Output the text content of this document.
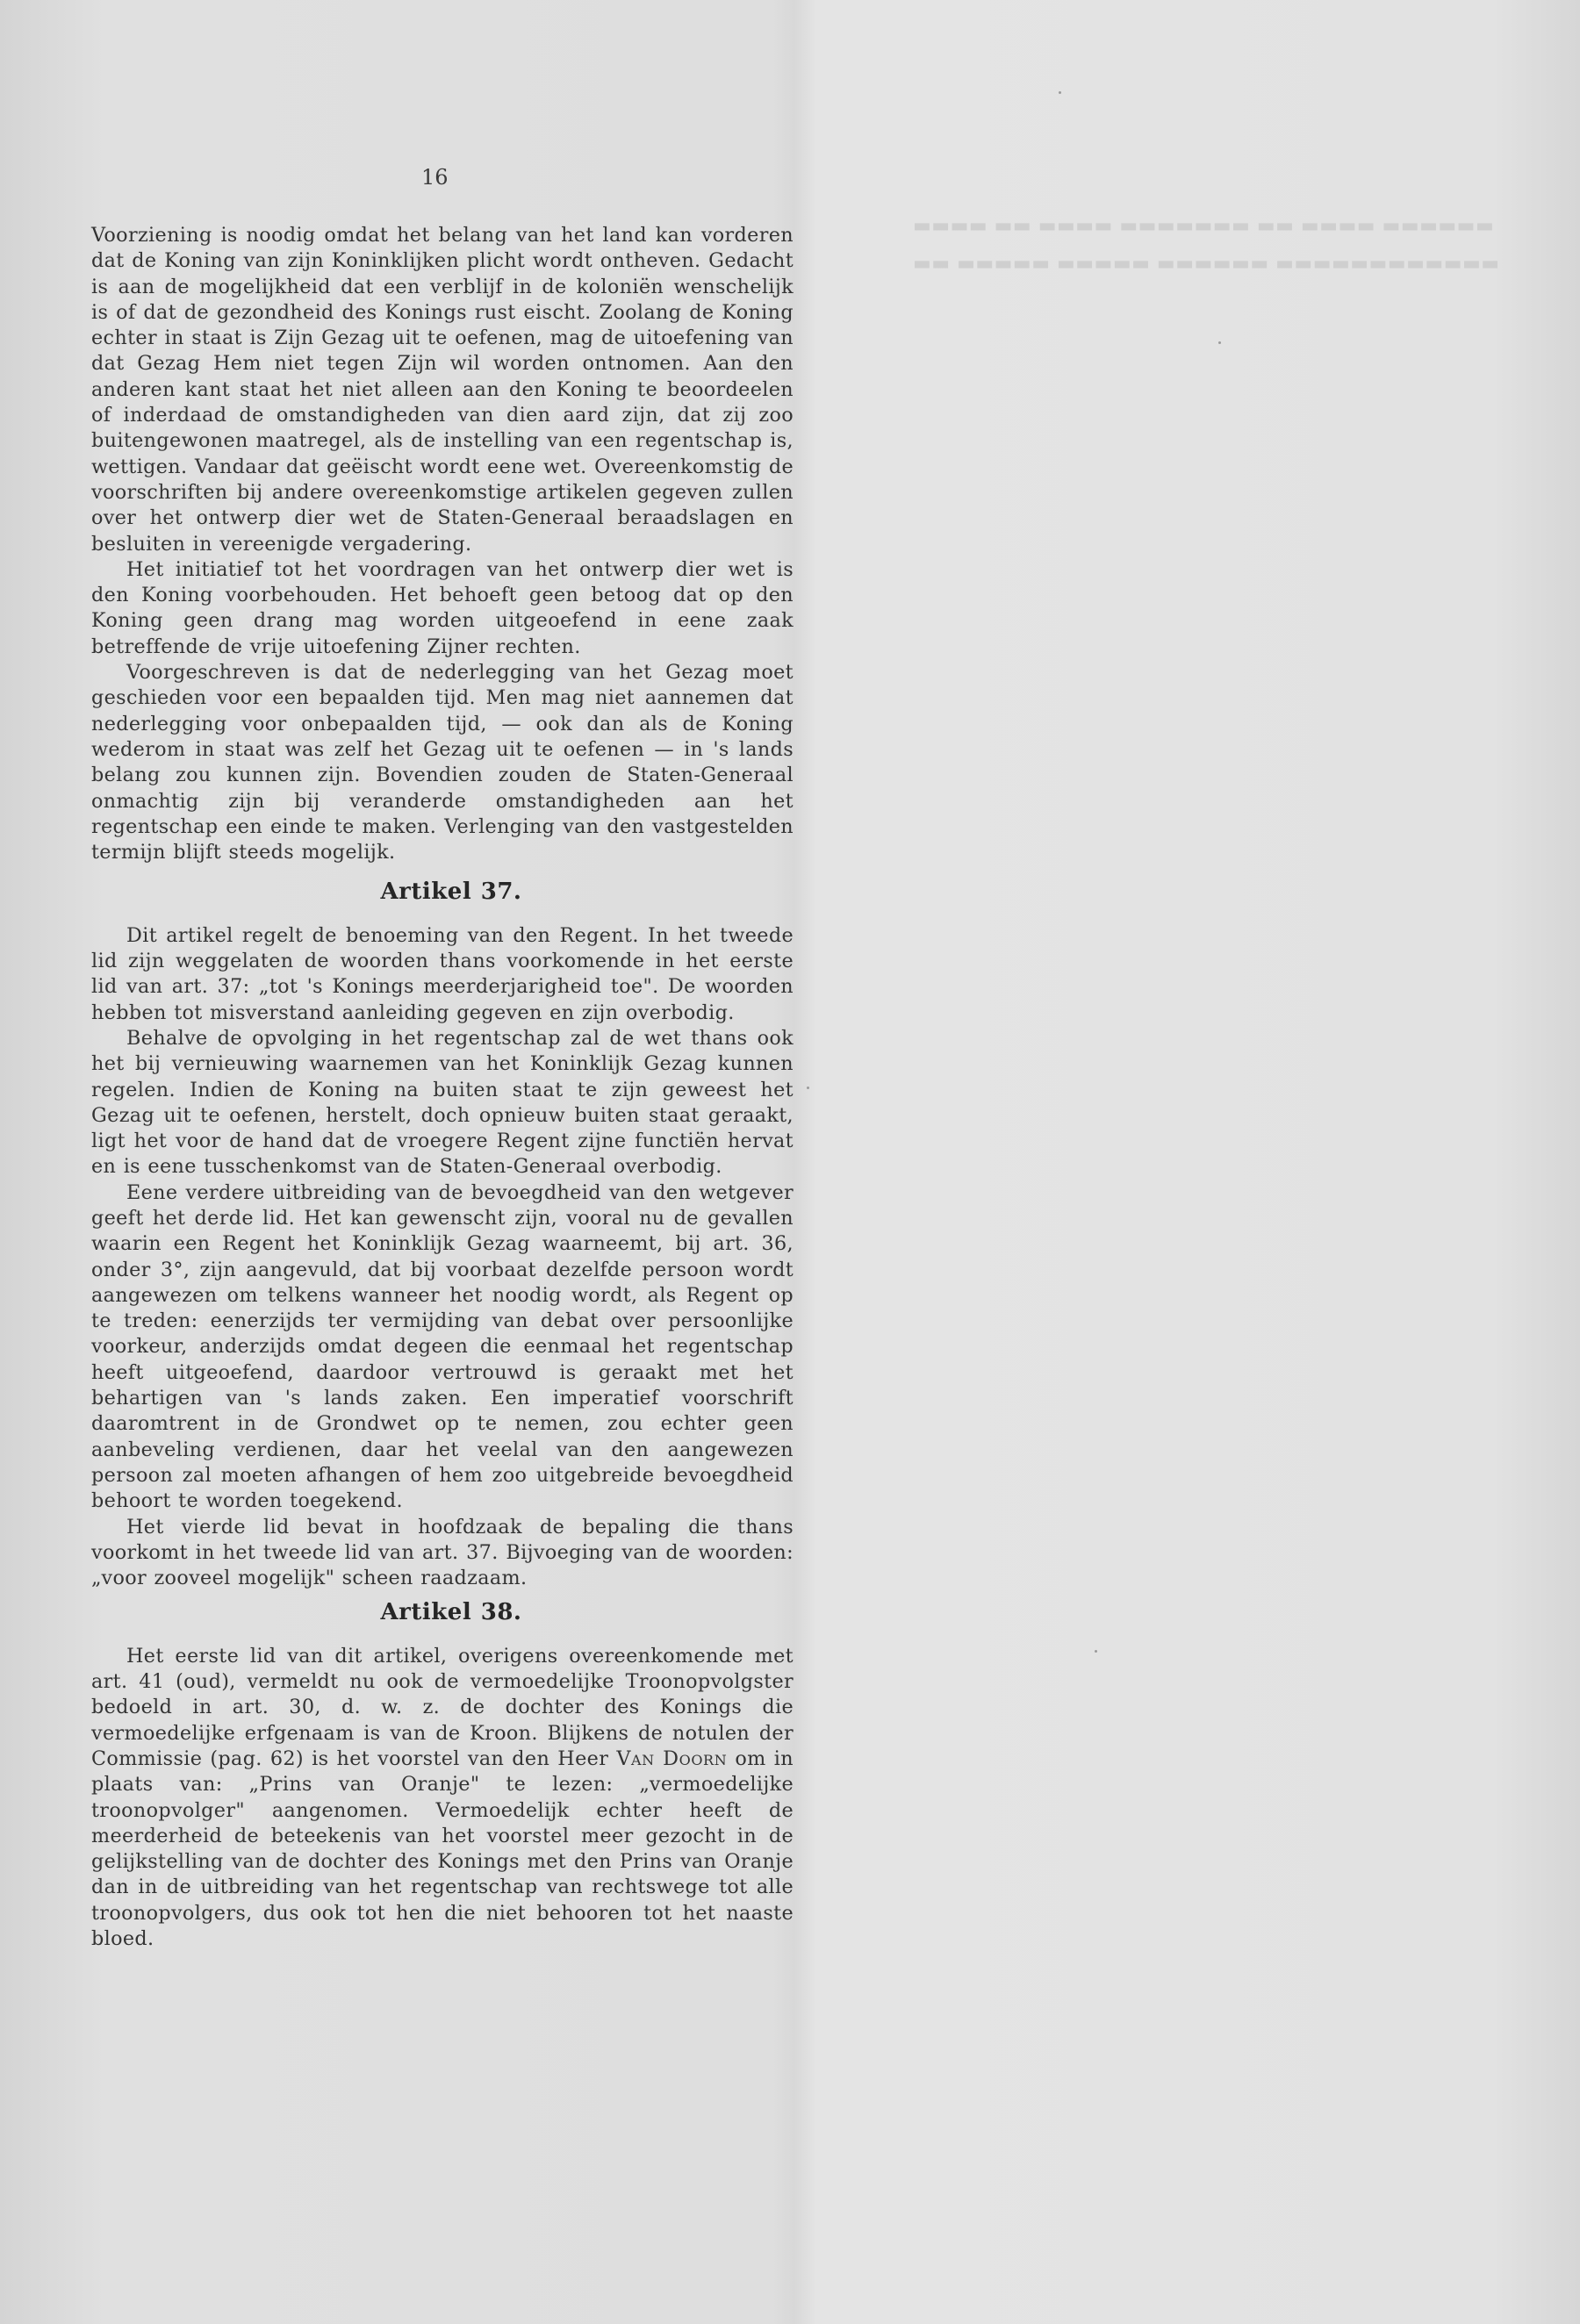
▬▬▬▬ ▬▬ ▬▬▬▬ ▬▬▬▬▬▬▬ ▬▬ ▬▬▬▬ ▬▬▬▬▬▬
▬▬ ▬▬▬▬▬ ▬▬▬▬▬ ▬▬▬▬▬▬ ▬▬▬▬▬▬▬▬▬▬▬▬
16

Voorziening is noodig omdat het belang van het land kan vorderen dat de Koning van zijn Koninklijken plicht wordt ontheven. Gedacht is aan de mogelijkheid dat een verblijf in de koloniën wenschelijk is of dat de gezondheid des Konings rust eischt. Zoolang de Koning echter in staat is Zijn Gezag uit te oefenen, mag de uitoefening van dat Gezag Hem niet tegen Zijn wil worden ontnomen. Aan den anderen kant staat het niet alleen aan den Koning te beoordeelen of inderdaad de omstandigheden van dien aard zijn, dat zij zoo buitengewonen maatregel, als de instelling van een regentschap is, wettigen. Vandaar dat geëischt wordt eene wet. Overeenkomstig de voorschriften bij andere overeenkomstige artikelen gegeven zullen over het ontwerp dier wet de Staten-Generaal beraadslagen en besluiten in vereenigde vergadering.

Het initiatief tot het voordragen van het ontwerp dier wet is den Koning voorbehouden. Het behoeft geen betoog dat op den Koning geen drang mag worden uitgeoefend in eene zaak betreffende de vrije uitoefening Zijner rechten.

Voorgeschreven is dat de nederlegging van het Gezag moet geschieden voor een bepaalden tijd. Men mag niet aannemen dat nederlegging voor onbepaalden tijd, — ook dan als de Koning wederom in staat was zelf het Gezag uit te oefenen — in 's lands belang zou kunnen zijn. Bovendien zouden de Staten-Generaal onmachtig zijn bij veranderde omstandigheden aan het regentschap een einde te maken. Verlenging van den vastgestelden termijn blijft steeds mogelijk.

Artikel 37.

Dit artikel regelt de benoeming van den Regent. In het tweede lid zijn weggelaten de woorden thans voorkomende in het eerste lid van art. 37: „tot 's Konings meerderjarigheid toe". De woorden hebben tot misverstand aanleiding gegeven en zijn overbodig.

Behalve de opvolging in het regentschap zal de wet thans ook het bij vernieuwing waarnemen van het Koninklijk Gezag kunnen regelen. Indien de Koning na buiten staat te zijn geweest het Gezag uit te oefenen, herstelt, doch opnieuw buiten staat geraakt, ligt het voor de hand dat de vroegere Regent zijne functiën hervat en is eene tusschenkomst van de Staten-Generaal overbodig.

Eene verdere uitbreiding van de bevoegdheid van den wetgever geeft het derde lid. Het kan gewenscht zijn, vooral nu de gevallen waarin een Regent het Koninklijk Gezag waarneemt, bij art. 36, onder 3°, zijn aangevuld, dat bij voorbaat dezelfde persoon wordt aangewezen om telkens wanneer het noodig wordt, als Regent op te treden: eenerzijds ter vermijding van debat over persoonlijke voorkeur, anderzijds omdat degeen die eenmaal het regentschap heeft uitgeoefend, daardoor vertrouwd is geraakt met het behartigen van 's lands zaken. Een imperatief voorschrift daaromtrent in de Grondwet op te nemen, zou echter geen aanbeveling verdienen, daar het veelal van den aangewezen persoon zal moeten afhangen of hem zoo uitgebreide bevoegdheid behoort te worden toegekend.

Het vierde lid bevat in hoofdzaak de bepaling die thans voorkomt in het tweede lid van art. 37. Bijvoeging van de woorden: „voor zooveel mogelijk" scheen raadzaam.

Artikel 38.

Het eerste lid van dit artikel, overigens overeenkomende met art. 41 (oud), vermeldt nu ook de vermoedelijke Troonopvolgster bedoeld in art. 30, d. w. z. de dochter des Konings die vermoedelijke erfgenaam is van de Kroon. Blijkens de notulen der Commissie (pag. 62) is het voorstel van den Heer Van Doorn om in plaats van: „Prins van Oranje" te lezen: „vermoedelijke troonopvolger" aangenomen. Vermoedelijk echter heeft de meerderheid de beteekenis van het voorstel meer gezocht in de gelijkstelling van de dochter des Konings met den Prins van Oranje dan in de uitbreiding van het regentschap van rechtswege tot alle troonopvolgers, dus ook tot hen die niet behooren tot het naaste bloed.
